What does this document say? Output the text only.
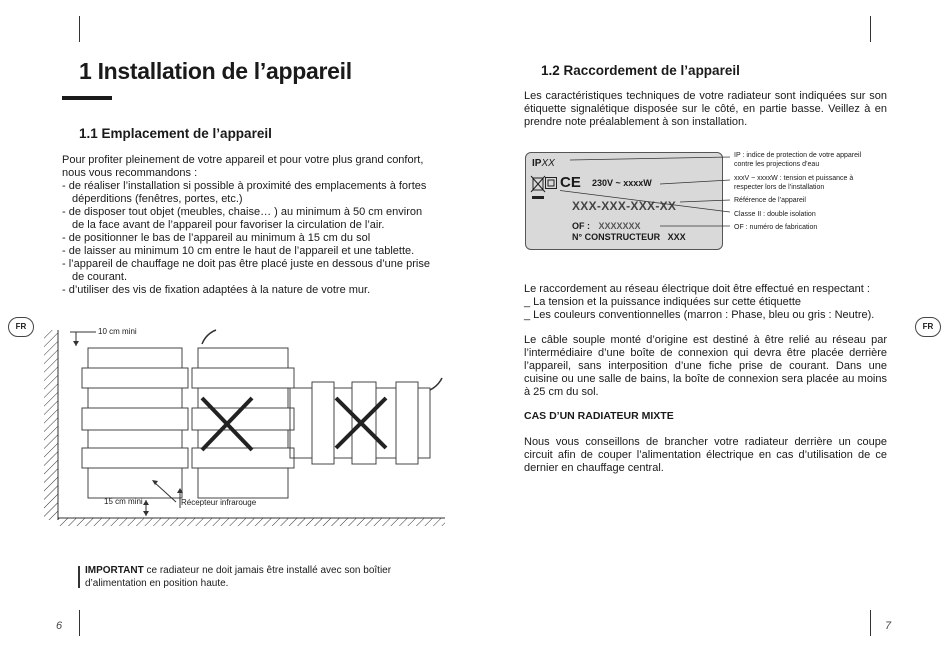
1 Installation de l’appareil
1.1 Emplacement de l’appareil
Pour profiter pleinement de votre appareil et pour votre plus grand confort, nous vous recommandons :
- de réaliser l’installation si possible à proximité des emplacements à fortes déperditions (fenêtres, portes, etc.)
- de disposer tout objet (meubles, chaise… ) au minimum à 50 cm environ de la face avant de l’appareil pour favoriser la circulation de l’air.
- de positionner le bas de l’appareil au minimum à 15 cm du sol
- de laisser au minimum 10 cm entre le haut de l’appareil et une tablette.
- l’appareil de chauffage ne doit pas être placé juste en dessous d’une prise de courant.
- d’utiliser des vis de fixation adaptées à la nature de votre mur.
FR
10 cm mini
15 cm mini	Récepteur infrarouge
IMPORTANT ce radiateur ne doit jamais être installé avec son boîtier d’alimentation en position haute.
6
1.2 Raccordement de l’appareil
Les caractéristiques techniques de votre radiateur sont indiquées sur son étiquette signalétique disposée sur le côté, en partie basse. Veillez à en prendre note préalablement à son installation.
IPXX
CE 230V ~ xxxxW
XXX-XXX-XXX-XX
OF : XXXXXXX
N° CONSTRUCTEUR   XXX
IP : indice de protection de votre appareil contre les projections d’eau
xxxV ~ xxxxW : tension et puissance à respecter lors de l’installation
Référence de l’appareil
Classe II : double isolation
OF : numéro de fabrication
FR
Le raccordement au réseau électrique doit être effectué en respectant :
_ La tension et la puissance indiquées sur cette étiquette
_ Les couleurs conventionnelles (marron : Phase, bleu ou gris : Neutre).
Le câble souple monté d’origine est destiné à être relié au réseau par l’intermédiaire d’une boîte de connexion qui devra être placée derrière l’appareil, sans interposition d’une fiche prise de courant. Dans une cuisine ou une salle de bains, la boîte de connexion sera placée au moins à 25 cm du sol.
CAS D’UN RADIATEUR MIXTE
Nous vous conseillons de brancher votre radiateur derrière un coupe circuit afin de couper l’alimentation électrique en cas d’utilisation de ce dernier en chauffage central.
7
